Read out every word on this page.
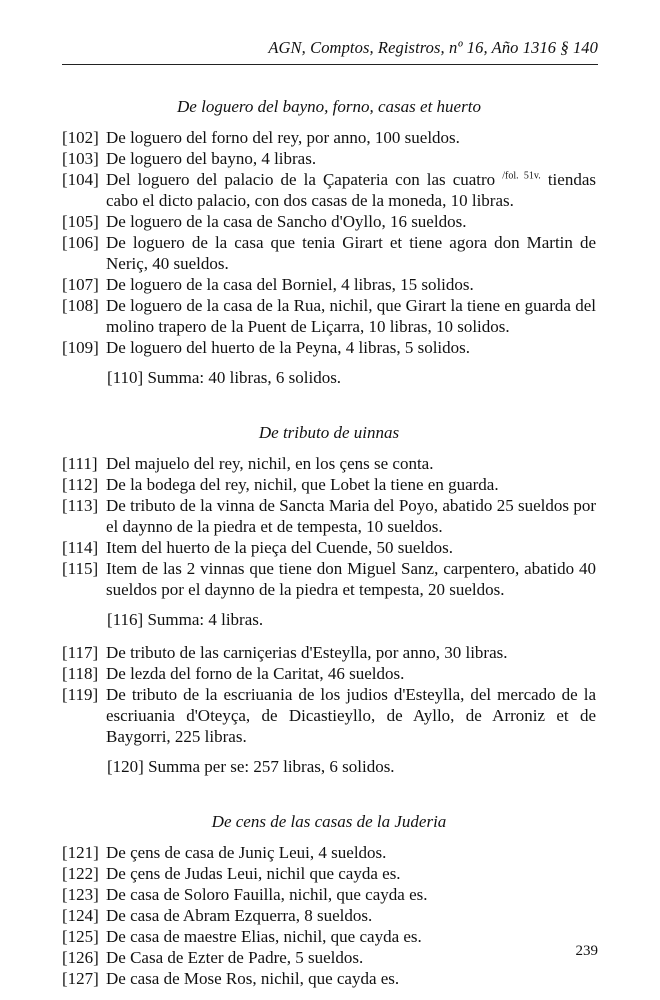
AGN, Comptos, Registros, nº 16, Año 1316 § 140
De loguero del bayno, forno, casas et huerto
[102] De loguero del forno del rey, por anno, 100 sueldos.
[103] De loguero del bayno, 4 libras.
[104] Del loguero del palacio de la Çapateria con las cuatro $^{/fol. 51v.}$ tiendas cabo el dicto palacio, con dos casas de la moneda, 10 libras.
[105] De loguero de la casa de Sancho d'Oyllo, 16 sueldos.
[106] De loguero de la casa que tenia Girart et tiene agora don Martin de Neriç, 40 sueldos.
[107] De loguero de la casa del Borniel, 4 libras, 15 solidos.
[108] De loguero de la casa de la Rua, nichil, que Girart la tiene en guarda del molino trapero de la Puent de Liçarra, 10 libras, 10 solidos.
[109] De loguero del huerto de la Peyna, 4 libras, 5 solidos.
[110] Summa: 40 libras, 6 solidos.
De tributo de uinnas
[111] Del majuelo del rey, nichil, en los çens se conta.
[112] De la bodega del rey, nichil, que Lobet la tiene en guarda.
[113] De tributo de la vinna de Sancta Maria del Poyo, abatido 25 sueldos por el daynno de la piedra et de tempesta, 10 sueldos.
[114] Item del huerto de la pieça del Cuende, 50 sueldos.
[115] Item de las 2 vinnas que tiene don Miguel Sanz, carpentero, abatido 40 sueldos por el daynno de la piedra et tempesta, 20 sueldos.
[116] Summa: 4 libras.
[117] De tributo de las carniçerias d'Esteylla, por anno, 30 libras.
[118] De lezda del forno de la Caritat, 46 sueldos.
[119] De tributo de la escriuania de los judios d'Esteylla, del mercado de la escriuania d'Oteyça, de Dicastieyllo, de Ayllo, de Arroniz et de Baygorri, 225 libras.
[120] Summa per se: 257 libras, 6 solidos.
De cens de las casas de la Juderia
[121] De çens de casa de Juniç Leui, 4 sueldos.
[122] De çens de Judas Leui, nichil que cayda es.
[123] De casa de Soloro Fauilla, nichil, que cayda es.
[124] De casa de Abram Ezquerra, 8 sueldos.
[125] De casa de maestre Elias, nichil, que cayda es.
[126] De Casa de Ezter de Padre, 5 sueldos.
[127] De casa de Mose Ros, nichil, que cayda es.
239
